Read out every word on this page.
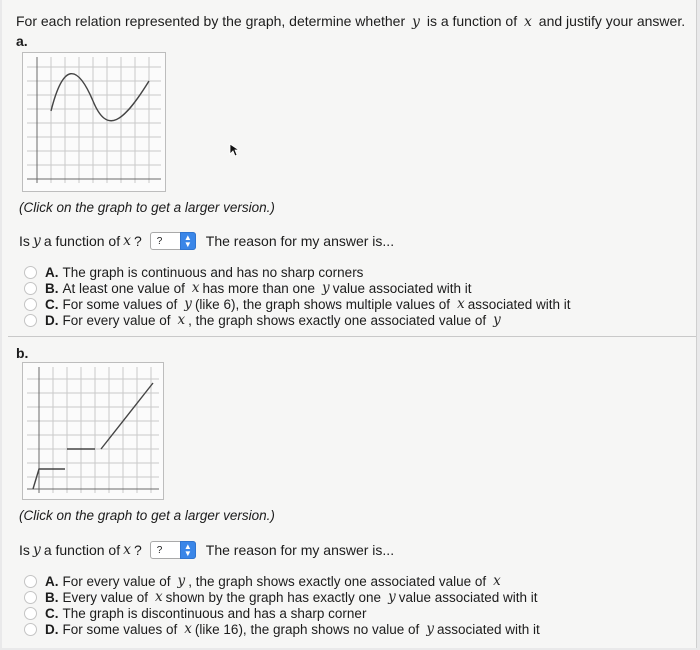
For each relation represented by the graph, determine whether y is a function of x and justify your answer.
a.
(Click on the graph to get a larger version.)
Is y a function of x ? ?	▲
▼ The reason for my answer is...
A. The graph is continuous and has no sharp corners
B. At least one value of x has more than one y value associated with it
C. For some values of y (like 6), the graph shows multiple values of x associated with it
D. For every value of x , the graph shows exactly one associated value of y
b.
(Click on the graph to get a larger version.)
Is y a function of x ? ?	▲
▼ The reason for my answer is...
A. For every value of y , the graph shows exactly one associated value of x
B. Every value of x shown by the graph has exactly one y value associated with it
C. The graph is discontinuous and has a sharp corner
D. For some values of x (like 16), the graph shows no value of y associated with it
